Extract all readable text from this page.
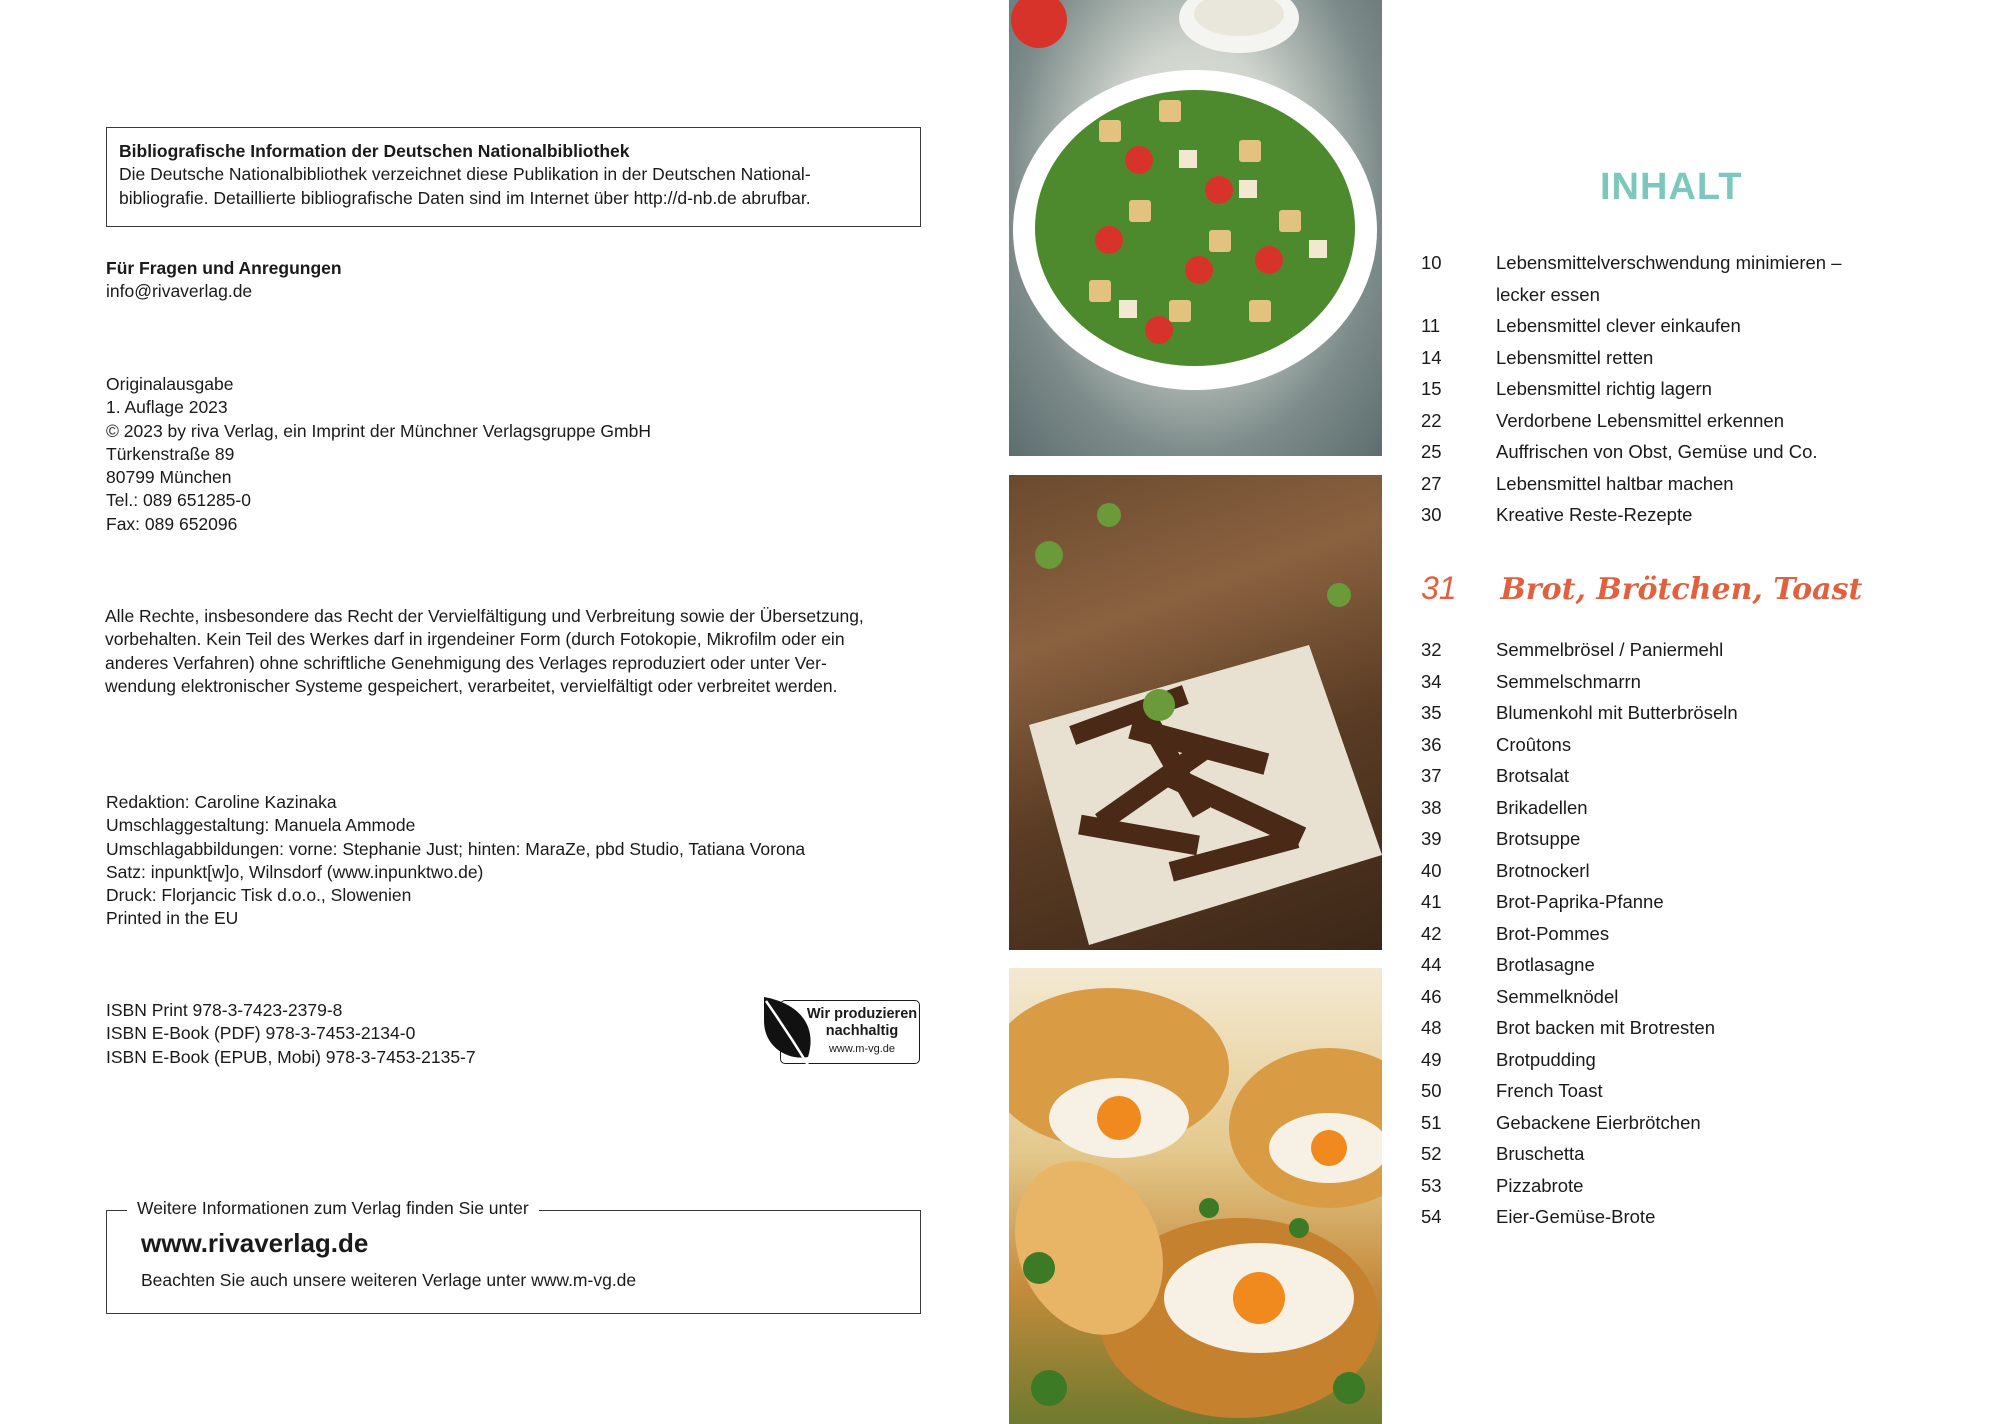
Bibliografische Information der Deutschen Nationalbibliothek
Die Deutsche Nationalbibliothek verzeichnet diese Publikation in der Deutschen National-
bibliografie. Detaillierte bibliografische Daten sind im Internet über http://d-nb.de abrufbar.
Für Fragen und Anregungen
info@rivaverlag.de
Originalausgabe
1. Auflage 2023
© 2023 by riva Verlag, ein Imprint der Münchner Verlagsgruppe GmbH
Türkenstraße 89
80799 München
Tel.: 089 651285-0
Fax: 089 652096
Alle Rechte, insbesondere das Recht der Vervielfältigung und Verbreitung sowie der Übersetzung,
vorbehalten. Kein Teil des Werkes darf in irgendeiner Form (durch Fotokopie, Mikrofilm oder ein
anderes Verfahren) ohne schriftliche Genehmigung des Verlages reproduziert oder unter Ver-
wendung elektronischer Systeme gespeichert, verarbeitet, vervielfältigt oder verbreitet werden.
Redaktion: Caroline Kazinaka
Umschlaggestaltung: Manuela Ammode
Umschlagabbildungen: vorne: Stephanie Just; hinten: MaraZe, pbd Studio, Tatiana Vorona
Satz: inpunkt[w]o, Wilnsdorf (www.inpunktwo.de)
Druck: Florjancic Tisk d.o.o., Slowenien
Printed in the EU
ISBN Print 978-3-7423-2379-8
ISBN E-Book (PDF) 978-3-7453-2134-0
ISBN E-Book (EPUB, Mobi) 978-3-7453-2135-7
Wir produzieren
nachhaltig
www.m-vg.de
Weitere Informationen zum Verlag finden Sie unter
www.rivaverlag.de
Beachten Sie auch unsere weiteren Verlage unter www.m-vg.de
INHALT
10	Lebensmittelverschwendung minimieren –
lecker essen
11	Lebensmittel clever einkaufen
14	Lebensmittel retten
15	Lebensmittel richtig lagern
22	Verdorbene Lebensmittel erkennen
25	Auffrischen von Obst, Gemüse und Co.
27	Lebensmittel haltbar machen
30	Kreative Reste-Rezepte
31 Brot, Brötchen, Toast
32	Semmelbrösel / Paniermehl
34	Semmelschmarrn
35	Blumenkohl mit Butterbröseln
36	Croûtons
37	Brotsalat
38	Brikadellen
39	Brotsuppe
40	Brotnockerl
41	Brot-Paprika-Pfanne
42	Brot-Pommes
44	Brotlasagne
46	Semmelknödel
48	Brot backen mit Brotresten
49	Brotpudding
50	French Toast
51	Gebackene Eierbrötchen
52	Bruschetta
53	Pizzabrote
54	Eier-Gemüse-Brote
